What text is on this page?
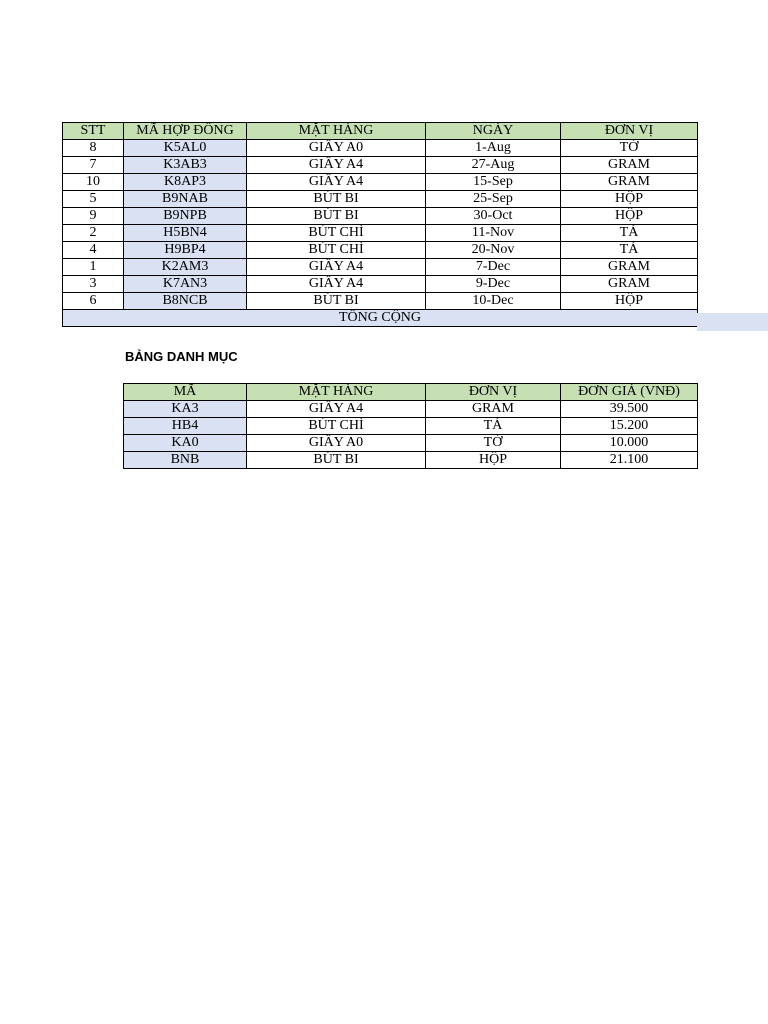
STT	MÃ HỢP ĐỒNG	MẶT HÀNG	NGÀY	ĐƠN VỊ
8	K5AL0	GIẤY A0	1-Aug	TỜ
7	K3AB3	GIẤY A4	27-Aug	GRAM
10	K8AP3	GIẤY A4	15-Sep	GRAM
5	B9NAB	BÚT BI	25-Sep	HỘP
9	B9NPB	BÚT BI	30-Oct	HỘP
2	H5BN4	BÚT CHÌ	11-Nov	TÁ
4	H9BP4	BÚT CHÌ	20-Nov	TÁ
1	K2AM3	GIẤY A4	7-Dec	GRAM
3	K7AN3	GIẤY A4	9-Dec	GRAM
6	B8NCB	BÚT BI	10-Dec	HỘP
TỔNG CỘNG				
BẢNG DANH MỤC
MÃ	MẶT HÀNG	ĐƠN VỊ	ĐƠN GIÁ (VNĐ)
KA3	GIẤY A4	GRAM	39.500
HB4	BÚT CHÌ	TÁ	15.200
KA0	GIẤY A0	TỜ	10.000
BNB	BÚT BI	HỘP	21.100
